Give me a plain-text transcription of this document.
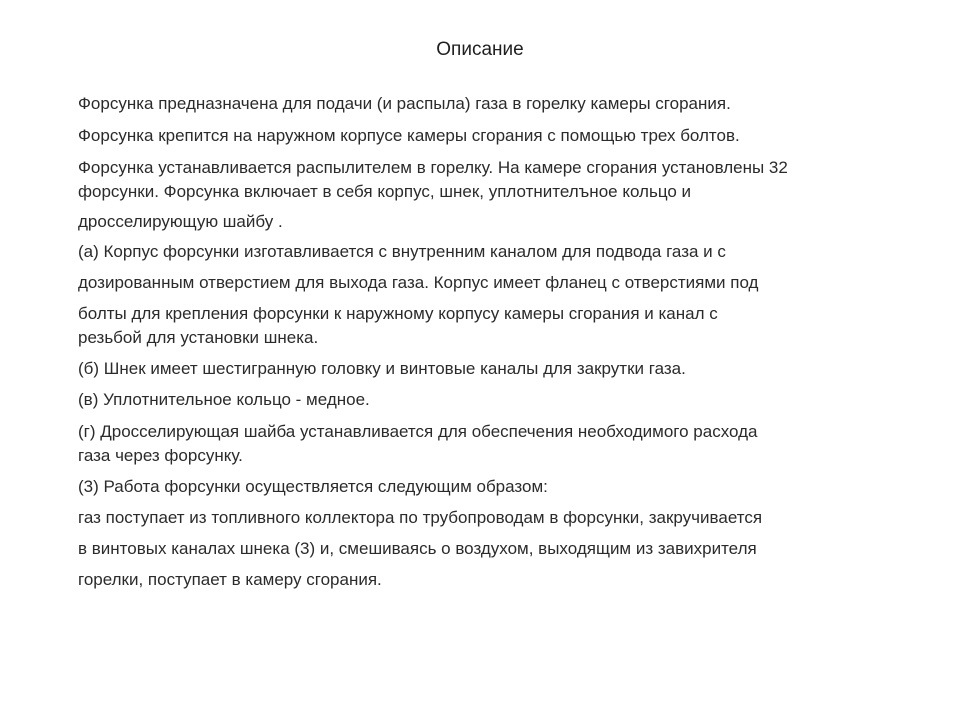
Описание
Форсунка предназначена для подачи (и распыла) газа в горелку камеры сгорания.
Форсунка крепится на наружном корпусе камеры сгорания с помощью трех болтов.
Форсунка устанавливается распылителем в горелку. На камере сгорания установлены 32
форсунки. Форсунка включает в себя корпус, шнек, уплотнителъное кольцо и
дросселирующую шайбу .
(а) Корпус форсунки изготавливается с внутренним каналом для подвода газа и с
дозированным отверстием для выхода газа. Корпус имеет фланец с отверстиями под
болты для крепления форсунки к наружному корпусу камеры сгорания и канал с
резьбой для установки шнека.
(б) Шнек имеет шестигранную головку и винтовые каналы для закрутки газа.
(в) Уплотнительное кольцо - медное.
(г) Дросселирующая шайба устанавливается для обеспечения необходимого расхода
газа через форсунку.
(3) Работа форсунки осуществляется следующим образом:
газ поступает из топливного коллектора по трубопроводам в форсунки, закручивается
в винтовых каналах шнека (3) и, смешиваясь о воздухом, выходящим из завихрителя
горелки, поступает в камеру сгорания.
